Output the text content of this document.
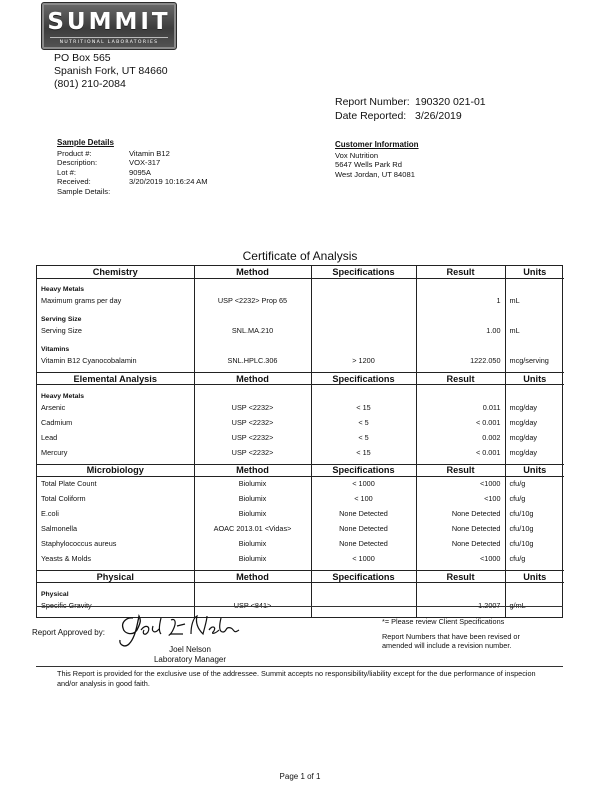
SUMMIT
NUTRITIONAL LABORATORIES
PO Box 565
Spanish Fork, UT 84660
(801) 210-2084
Report Number: 190320 021-01
Date Reported: 3/26/2019
Sample Details
Product #:	Vitamin B12
Description:	VOX-317
Lot #:	9095A
Received:	3/20/2019 10:16:24 AM
Sample Details:
Customer Information
Vox Nutrition
5647 Wells Park Rd
West Jordan, UT 84081
Certificate of Analysis
Chemistry	Method	Specifications	Result	Units
Heavy Metals				
Maximum grams per day	USP <2232> Prop 65		1	mL
Serving Size				
Serving Size	SNL.MA.210		1.00	mL
Vitamins				
Vitamin B12 Cyanocobalamin	SNL.HPLC.306	> 1200	1222.050	mcg/serving

Elemental Analysis	Method	Specifications	Result	Units
Heavy Metals				
Arsenic	USP <2232>	< 15	0.011	mcg/day
Cadmium	USP <2232>	< 5	< 0.001	mcg/day
Lead	USP <2232>	< 5	0.002	mcg/day
Mercury	USP <2232>	< 15	< 0.001	mcg/day

Microbiology	Method	Specifications	Result	Units
Total Plate Count	Biolumix	< 1000	<1000	cfu/g
Total Coliform	Biolumix	< 100	<100	cfu/g
E.coli	Biolumix	None Detected	None Detected	cfu/10g
Salmonella	AOAC 2013.01 <Vidas>	None Detected	None Detected	cfu/10g
Staphylococcus aureus	Biolumix	None Detected	None Detected	cfu/10g
Yeasts & Molds	Biolumix	< 1000	<1000	cfu/g

Physical	Method	Specifications	Result	Units
Physical				
Specific Gravity	USP <841>		1.2007	g/mL

Report Approved by:
Joel Nelson
Laboratory Manager

*= Please review Client Specifications

Report Numbers that have been revised or amended will include a revision number.

This Report is provided for the exclusive use of the addressee. Summit accepts no responsibility/liability except for the due performance of inspecion and/or analysis in good faith.
Page 1 of 1
